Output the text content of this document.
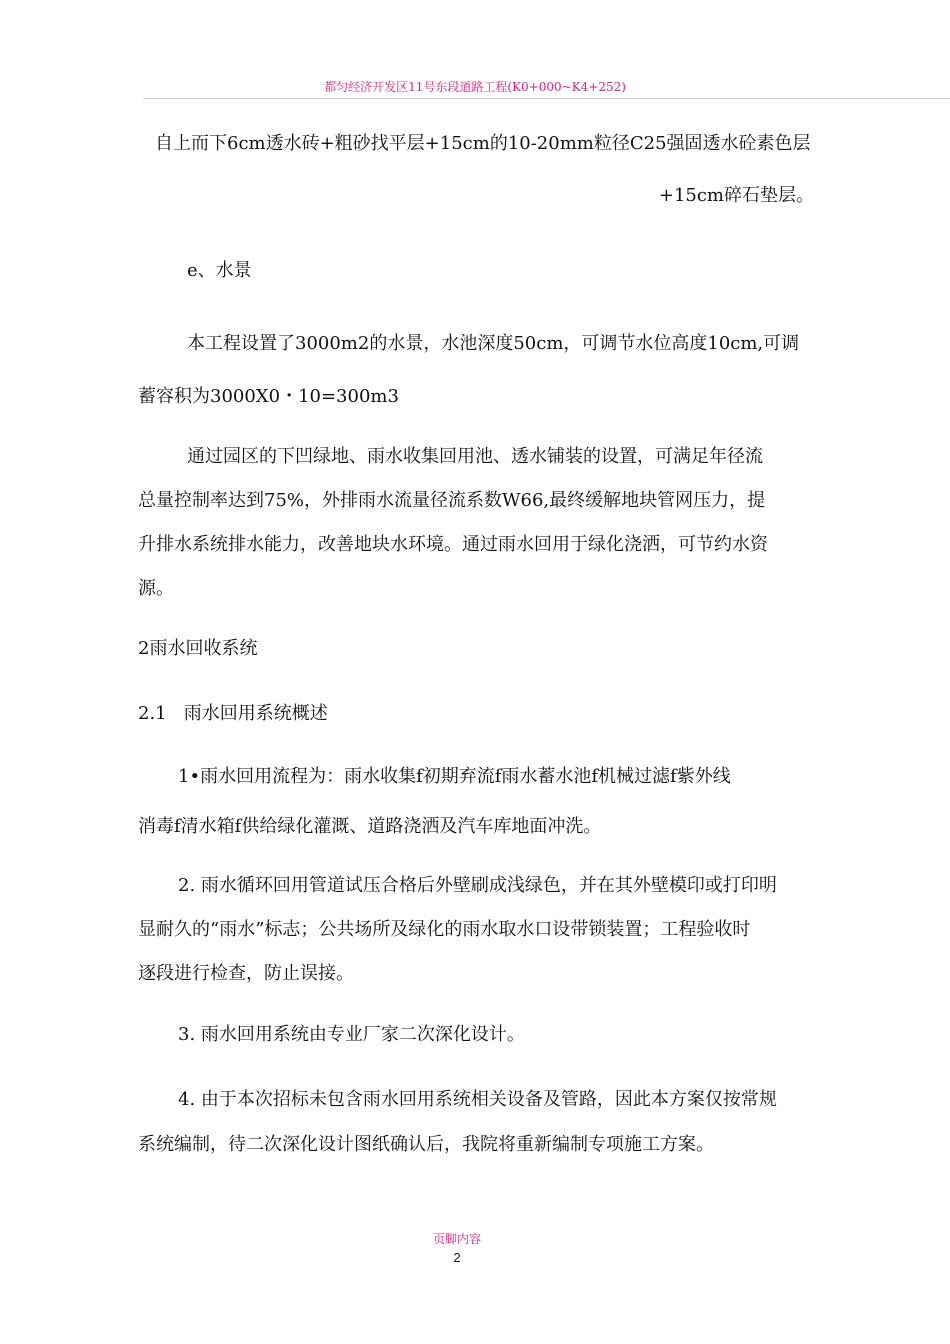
都匀经济开发区11号东段道路工程(K0+000~K4+252)
自上而下6cm透水砖+粗砂找平层+15cm的10-20mm粒径C25强固透水砼素色层
+15cm碎石垫层。
e、水景
本工程设置了3000m2的水景，水池深度50cm，可调节水位高度10cm,可调
蓄容积为3000X0・10=300m3
通过园区的下凹绿地、雨水收集回用池、透水铺装的设置，可满足年径流
总量控制率达到75%，外排雨水流量径流系数W66,最终缓解地块管网压力，提
升排水系统排水能力，改善地块水环境。通过雨水回用于绿化浇洒，可节约水资
源。
2雨水回收系统
2.1   雨水回用系统概述
1•雨水回用流程为：雨水收集f初期弃流f雨水蓄水池f机械过滤f紫外线
消毒f清水箱f供给绿化灌溉、道路浇洒及汽车库地面冲洗。
2. 雨水循环回用管道试压合格后外壁刷成浅绿色，并在其外壁模印或打印明
显耐久的“雨水”标志；公共场所及绿化的雨水取水口设带锁装置；工程验收时
逐段进行检查，防止误接。
3. 雨水回用系统由专业厂家二次深化设计。
4. 由于本次招标未包含雨水回用系统相关设备及管路，因此本方案仅按常规
系统编制，待二次深化设计图纸确认后，我院将重新编制专项施工方案。
页脚内容
2
